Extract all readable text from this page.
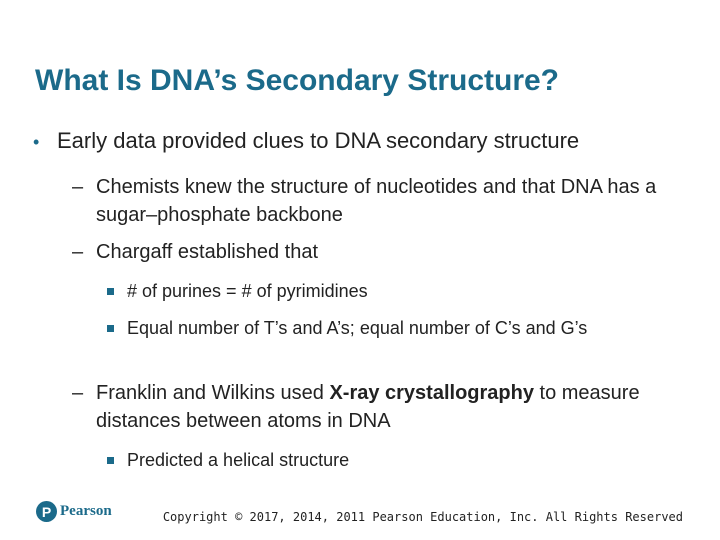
What Is DNA’s Secondary Structure?
• Early data provided clues to DNA secondary structure
– Chemists knew the structure of nucleotides and that DNA has a sugar–phosphate backbone
– Chargaff established that
# of purines = # of pyrimidines
Equal number of T’s and A’s; equal number of C’s and G’s
– Franklin and Wilkins used X-ray crystallography to measure distances between atoms in DNA
Predicted a helical structure
P Pearson	Copyright © 2017, 2014, 2011 Pearson Education, Inc. All Rights Reserved
